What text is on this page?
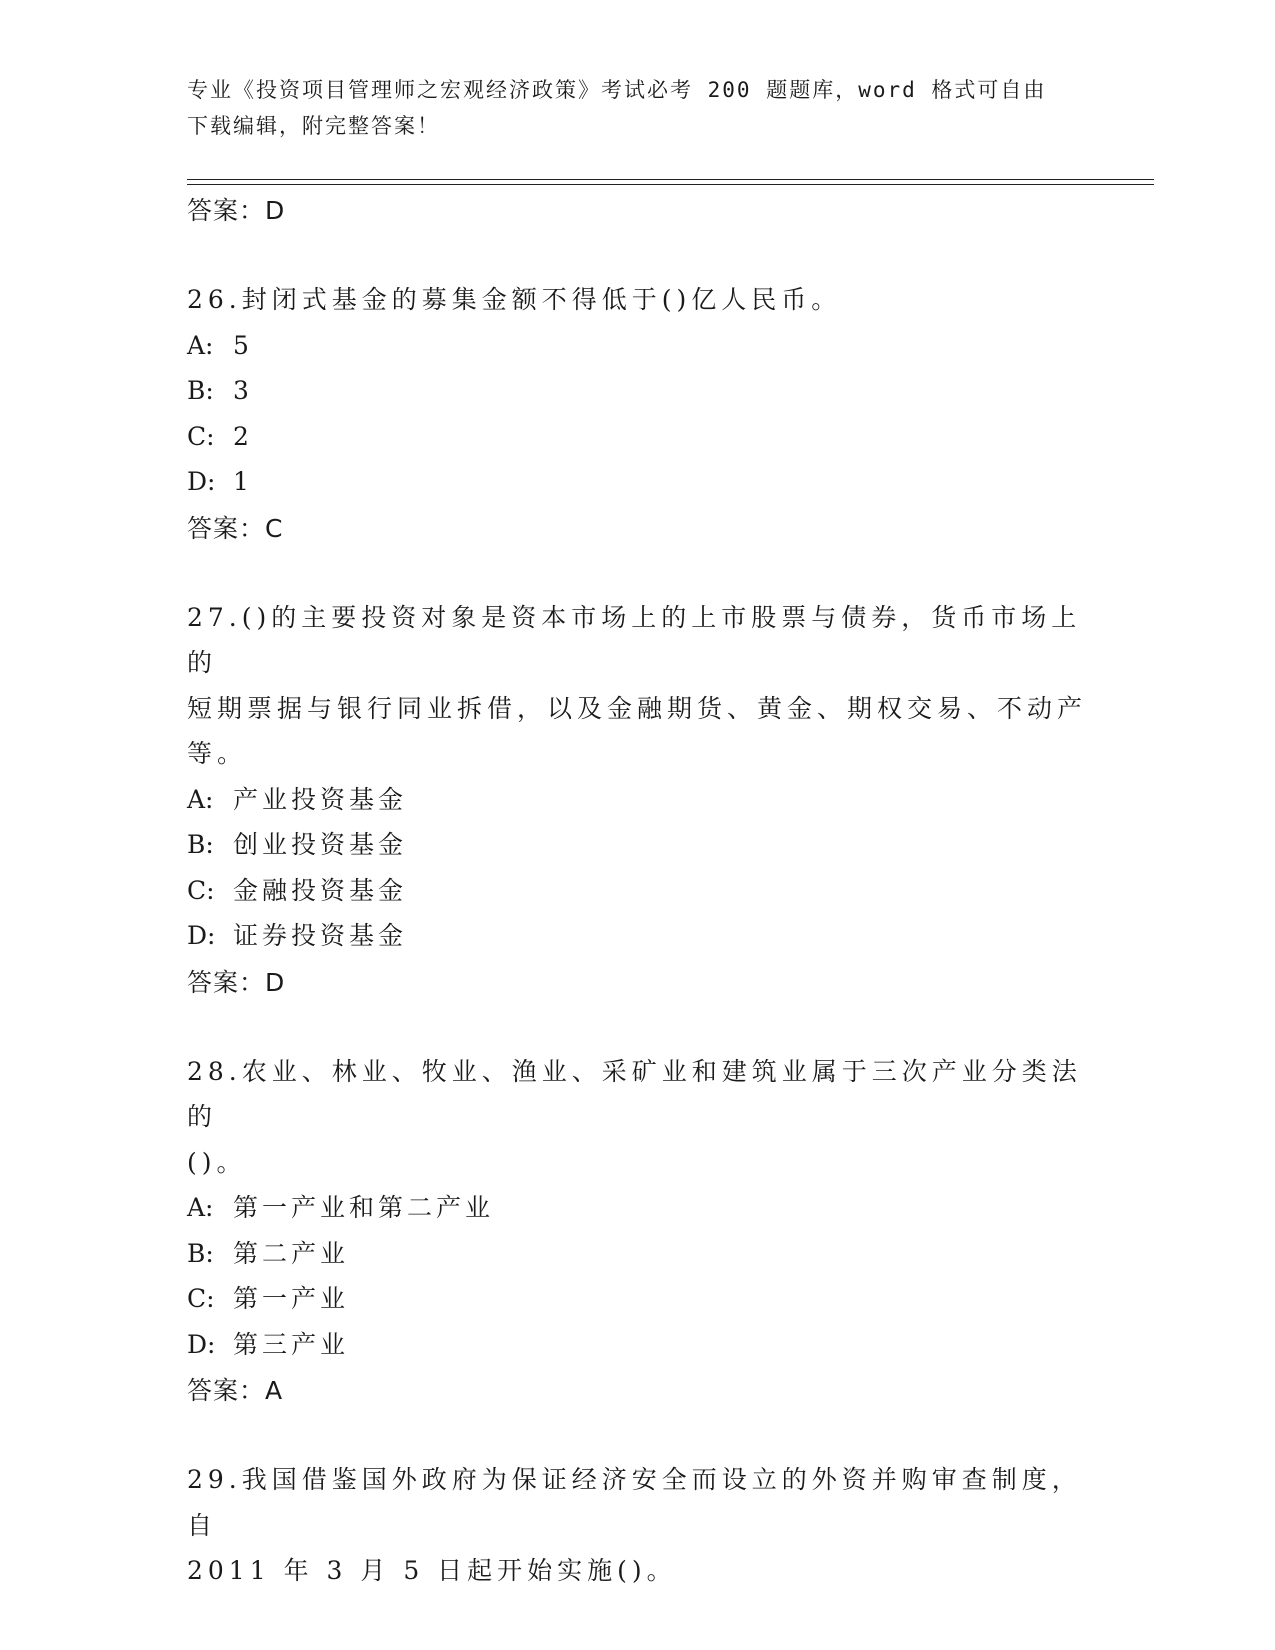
专业《投资项目管理师之宏观经济政策》考试必考 200 题题库，word 格式可自由
下载编辑，附完整答案！
答案：D
26.封闭式基金的募集金额不得低于()亿人民币。
A: 5
B: 3
C: 2
D: 1
答案：C
27.()的主要投资对象是资本市场上的上市股票与债券，货币市场上的
短期票据与银行同业拆借，以及金融期货、黄金、期权交易、不动产
等。
A: 产业投资基金
B: 创业投资基金
C: 金融投资基金
D: 证券投资基金
答案：D
28.农业、林业、牧业、渔业、采矿业和建筑业属于三次产业分类法的
()。
A: 第一产业和第二产业
B: 第二产业
C: 第一产业
D: 第三产业
答案：A
29.我国借鉴国外政府为保证经济安全而设立的外资并购审查制度，自
2011 年 3 月 5 日起开始实施()。
